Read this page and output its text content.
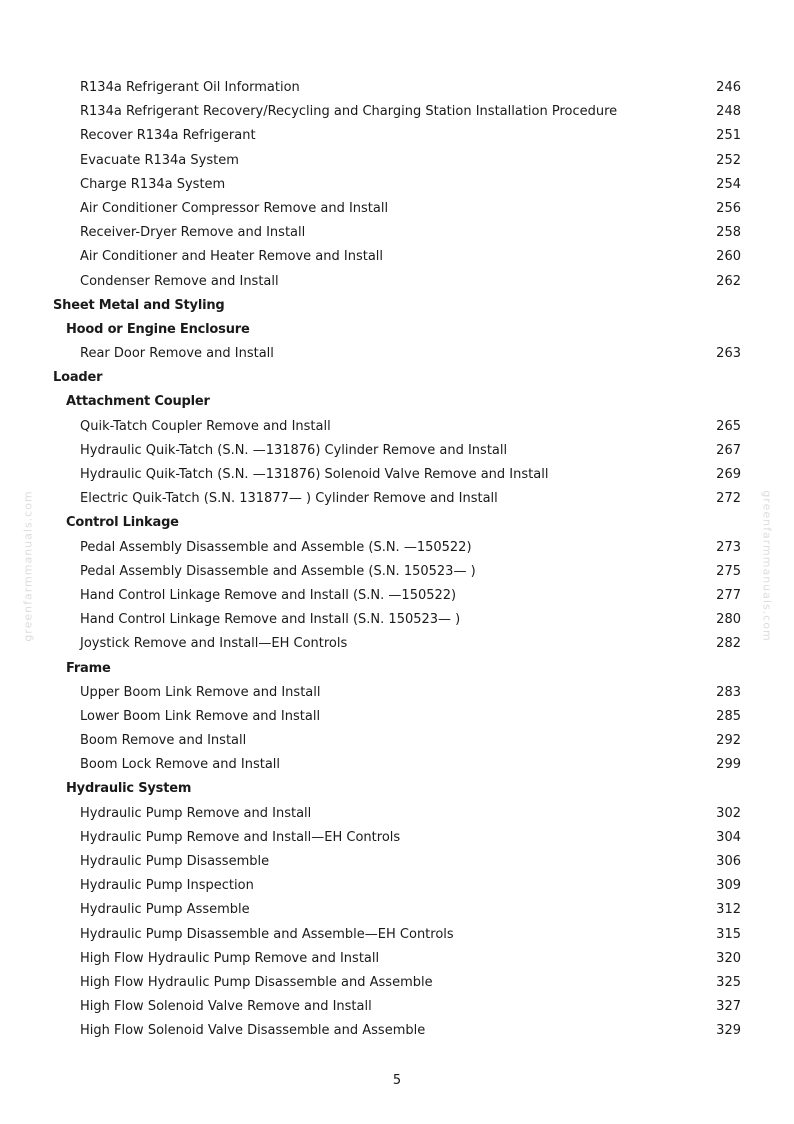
greenfarmmanuals.com	greenfarmmanuals.com
R134a Refrigerant Oil Information	246
R134a Refrigerant Recovery/Recycling and Charging Station Installation Procedure	248
Recover R134a Refrigerant	251
Evacuate R134a System	252
Charge R134a System	254
Air Conditioner Compressor Remove and Install	256
Receiver-Dryer Remove and Install	258
Air Conditioner and Heater Remove and Install	260
Condenser Remove and Install	262
Sheet Metal and Styling
Hood or Engine Enclosure
Rear Door Remove and Install	263
Loader
Attachment Coupler
Quik-Tatch Coupler Remove and Install	265
Hydraulic Quik-Tatch (S.N. —131876) Cylinder Remove and Install	267
Hydraulic Quik-Tatch (S.N. —131876) Solenoid Valve Remove and Install	269
Electric Quik-Tatch (S.N. 131877— ) Cylinder Remove and Install	272
Control Linkage
Pedal Assembly Disassemble and Assemble (S.N. —150522)	273
Pedal Assembly Disassemble and Assemble (S.N. 150523— )	275
Hand Control Linkage Remove and Install (S.N. —150522)	277
Hand Control Linkage Remove and Install (S.N. 150523— )	280
Joystick Remove and Install—EH Controls	282
Frame
Upper Boom Link Remove and Install	283
Lower Boom Link Remove and Install	285
Boom Remove and Install	292
Boom Lock Remove and Install	299
Hydraulic System
Hydraulic Pump Remove and Install	302
Hydraulic Pump Remove and Install—EH Controls	304
Hydraulic Pump Disassemble	306
Hydraulic Pump Inspection	309
Hydraulic Pump Assemble	312
Hydraulic Pump Disassemble and Assemble—EH Controls	315
High Flow Hydraulic Pump Remove and Install	320
High Flow Hydraulic Pump Disassemble and Assemble	325
High Flow Solenoid Valve Remove and Install	327
High Flow Solenoid Valve Disassemble and Assemble	329
5
